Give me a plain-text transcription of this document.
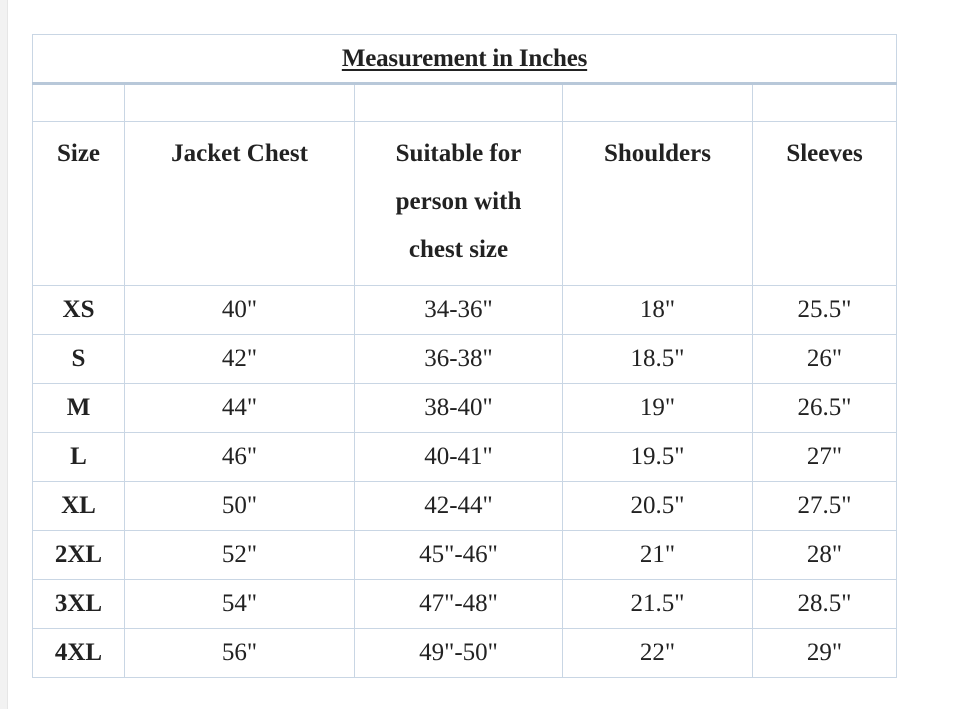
Measurement in Inches				

Size	Jacket Chest	Suitable for person with chest size	Shoulders	Sleeves
XS	40"	34-36"	18"	25.5"
S	42"	36-38"	18.5"	26"
M	44"	38-40"	19"	26.5"
L	46"	40-41"	19.5"	27"
XL	50"	42-44"	20.5"	27.5"
2XL	52"	45"-46"	21"	28"
3XL	54"	47"-48"	21.5"	28.5"
4XL	56"	49"-50"	22"	29"
